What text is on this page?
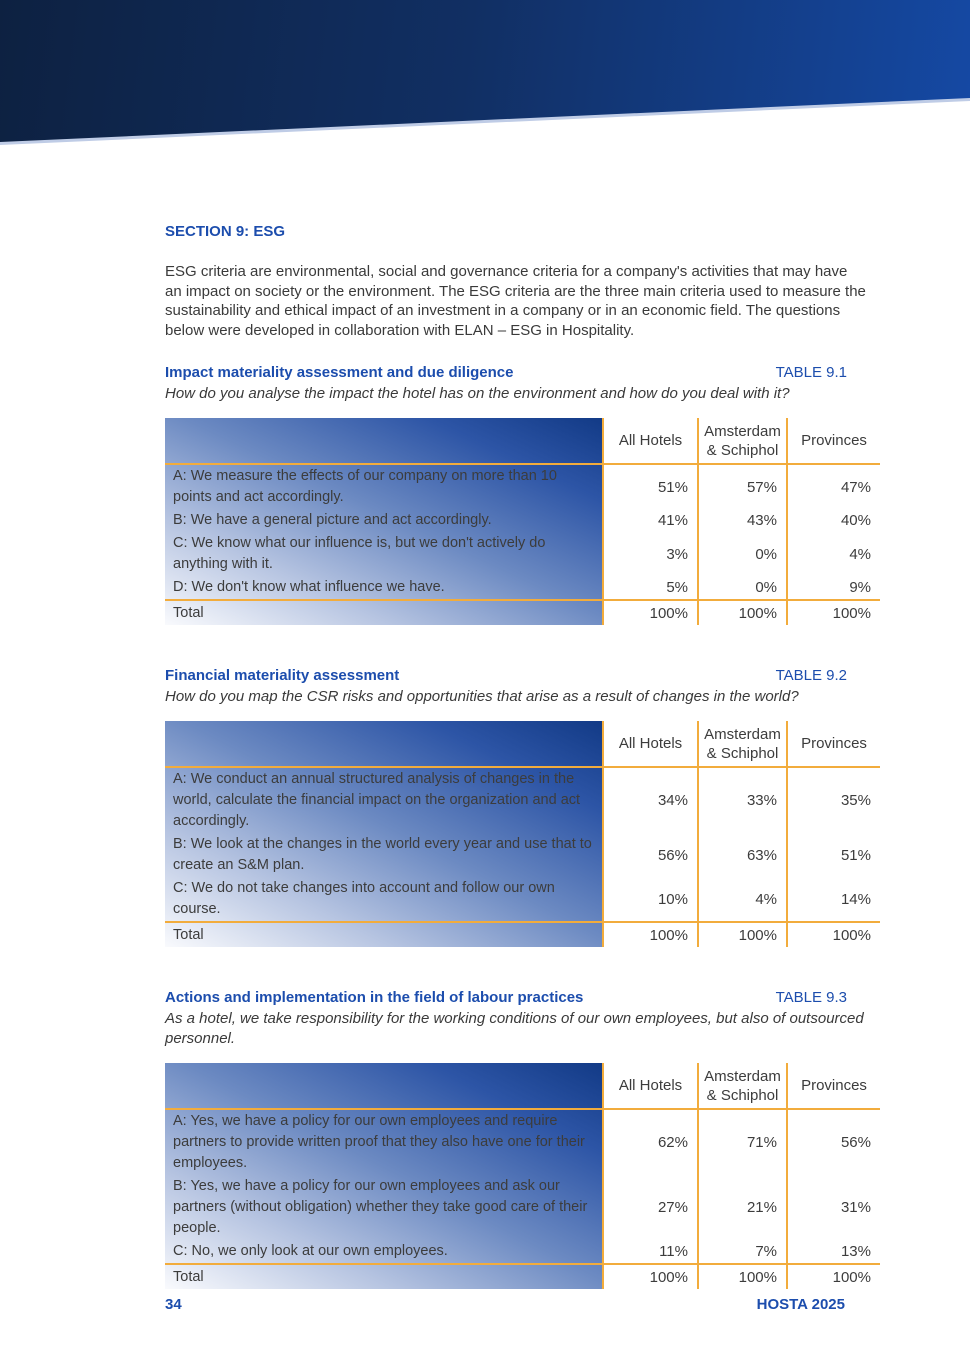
SECTION 9: ESG

ESG criteria are environmental, social and governance criteria for a company's activities that may have an impact on society or the environment. The ESG criteria are the three main criteria used to measure the sustainability and ethical impact of an investment in a company or in an economic field. The questions below were developed in collaboration with ELAN – ESG in Hospitality.

Impact materiality assessment and due diligence	TABLE 9.1
How do you analyse the impact the hotel has on the environment and how do you deal with it?
	All Hotels	Amsterdam & Schiphol	Provinces
A: We measure the effects of our company on more than 10 points and act accordingly.	51%	57%	47%
B: We have a general picture and act accordingly.	41%	43%	40%
C: We know what our influence is, but we don't actively do anything with it.	3%	0%	4%
D: We don't know what influence we have.	5%	0%	9%
Total	100%	100%	100%
Financial materiality assessment	TABLE 9.2
How do you map the CSR risks and opportunities that arise as a result of changes in the world?
	All Hotels	Amsterdam & Schiphol	Provinces
A: We conduct an annual structured analysis of changes in the world, calculate the financial impact on the organization and act accordingly.	34%	33%	35%
B: We look at the changes in the world every year and use that to create an S&M plan.	56%	63%	51%
C: We do not take changes into account and follow our own course.	10%	4%	14%
Total	100%	100%	100%
Actions and implementation in the field of labour practices	TABLE 9.3
As a hotel, we take responsibility for the working conditions of our own employees, but also of outsourced personnel.
	All Hotels	Amsterdam & Schiphol	Provinces
A: Yes, we have a policy for our own employees and require partners to provide written proof that they also have one for their employees.	62%	71%	56%
B: Yes, we have a policy for our own employees and ask our partners (without obligation) whether they take good care of their people.	27%	21%	31%
C: No, we only look at our own employees.	11%	7%	13%
Total	100%	100%	100%
34	HOSTA 2025
